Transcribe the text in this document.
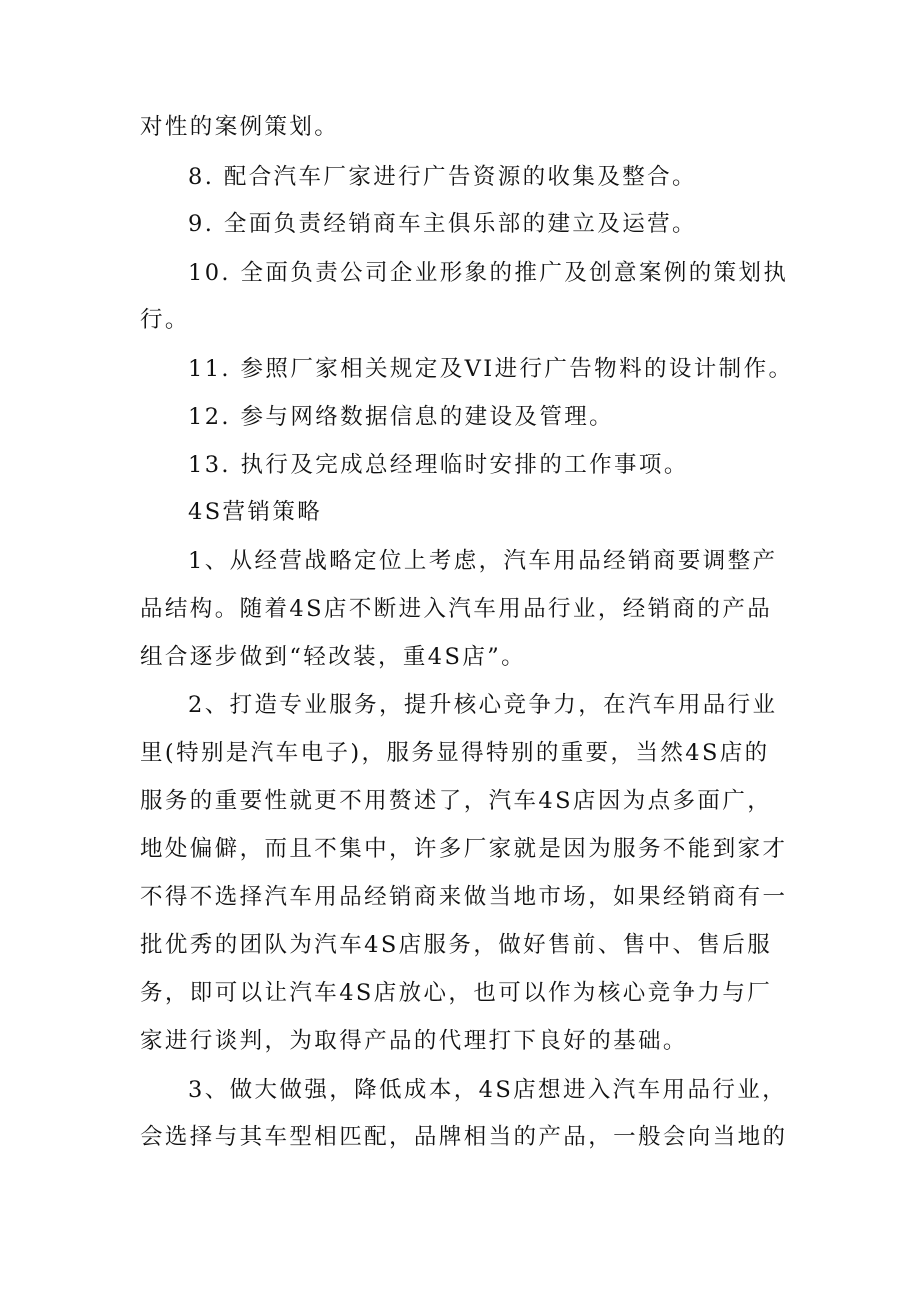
对性的案例策划。

8. 配合汽车厂家进行广告资源的收集及整合。

9. 全面负责经销商车主俱乐部的建立及运营。

10. 全面负责公司企业形象的推广及创意案例的策划执

行。

11. 参照厂家相关规定及VI进行广告物料的设计制作。

12. 参与网络数据信息的建设及管理。

13. 执行及完成总经理临时安排的工作事项。

4S营销策略

1、从经营战略定位上考虑，汽车用品经销商要调整产

品结构。随着4S店不断进入汽车用品行业，经销商的产品

组合逐步做到“轻改装，重4S店”。

2、打造专业服务，提升核心竞争力，在汽车用品行业

里(特别是汽车电子)，服务显得特别的重要，当然4S店的

服务的重要性就更不用赘述了，汽车4S店因为点多面广，

地处偏僻，而且不集中，许多厂家就是因为服务不能到家才

不得不选择汽车用品经销商来做当地市场，如果经销商有一

批优秀的团队为汽车4S店服务，做好售前、售中、售后服

务，即可以让汽车4S店放心，也可以作为核心竞争力与厂

家进行谈判，为取得产品的代理打下良好的基础。

3、做大做强，降低成本，4S店想进入汽车用品行业，

会选择与其车型相匹配，品牌相当的产品，一般会向当地的
